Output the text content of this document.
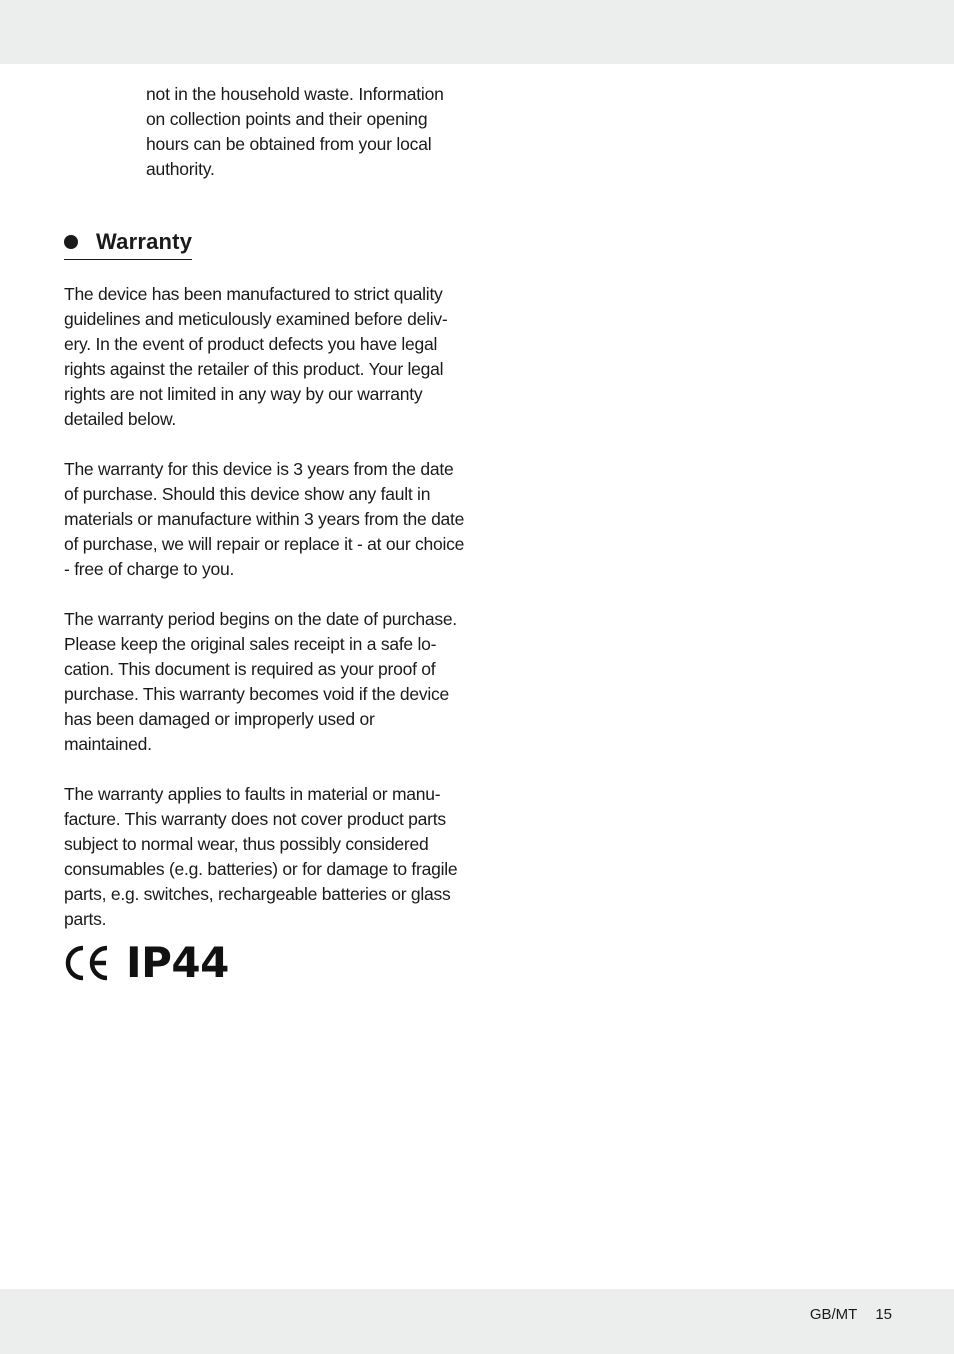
not in the household waste. Information on collection points and their opening hours can be obtained from your local authority.

Warranty

The device has been manufactured to strict quality guidelines and meticulously examined before deliv-ery. In the event of product defects you have legal rights against the retailer of this product. Your legal rights are not limited in any way by our warranty detailed below.

The warranty for this device is 3 years from the date of purchase. Should this device show any fault in materials or manufacture within 3 years from the date of purchase, we will repair or replace it - at our choice - free of charge to you.

The warranty period begins on the date of purchase. Please keep the original sales receipt in a safe lo-cation. This document is required as your proof of purchase. This warranty becomes void if the device has been damaged or improperly used or maintained.

The warranty applies to faults in material or manu-facture. This warranty does not cover product parts subject to normal wear, thus possibly considered consumables (e.g. batteries) or for damage to fragile parts, e.g. switches, rechargeable batteries or glass parts.

IP44
GB/MT 15
